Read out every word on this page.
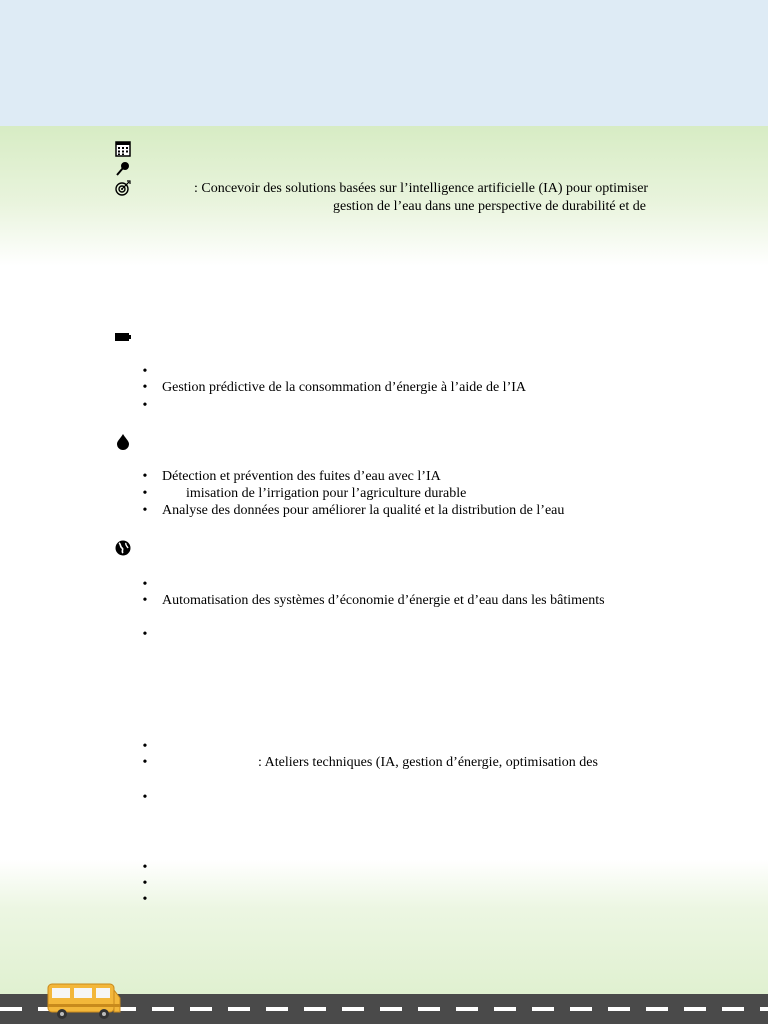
: Concevoir des solutions basées sur l’intelligence artificielle (IA) pour optimiser
gestion de l’eau dans une perspective de durabilité et de
•
•	Gestion prédictive de la consommation d’énergie à l’aide de l’IA
•
•	Détection et prévention des fuites d’eau avec l’IA
•	imisation de l’irrigation pour l’agriculture durable
•	Analyse des données pour améliorer la qualité et la distribution de l’eau
•
•	Automatisation des systèmes d’économie d’énergie et d’eau dans les bâtiments
•
•
•	: Ateliers techniques (IA, gestion d’énergie, optimisation des
•
•
•
•
